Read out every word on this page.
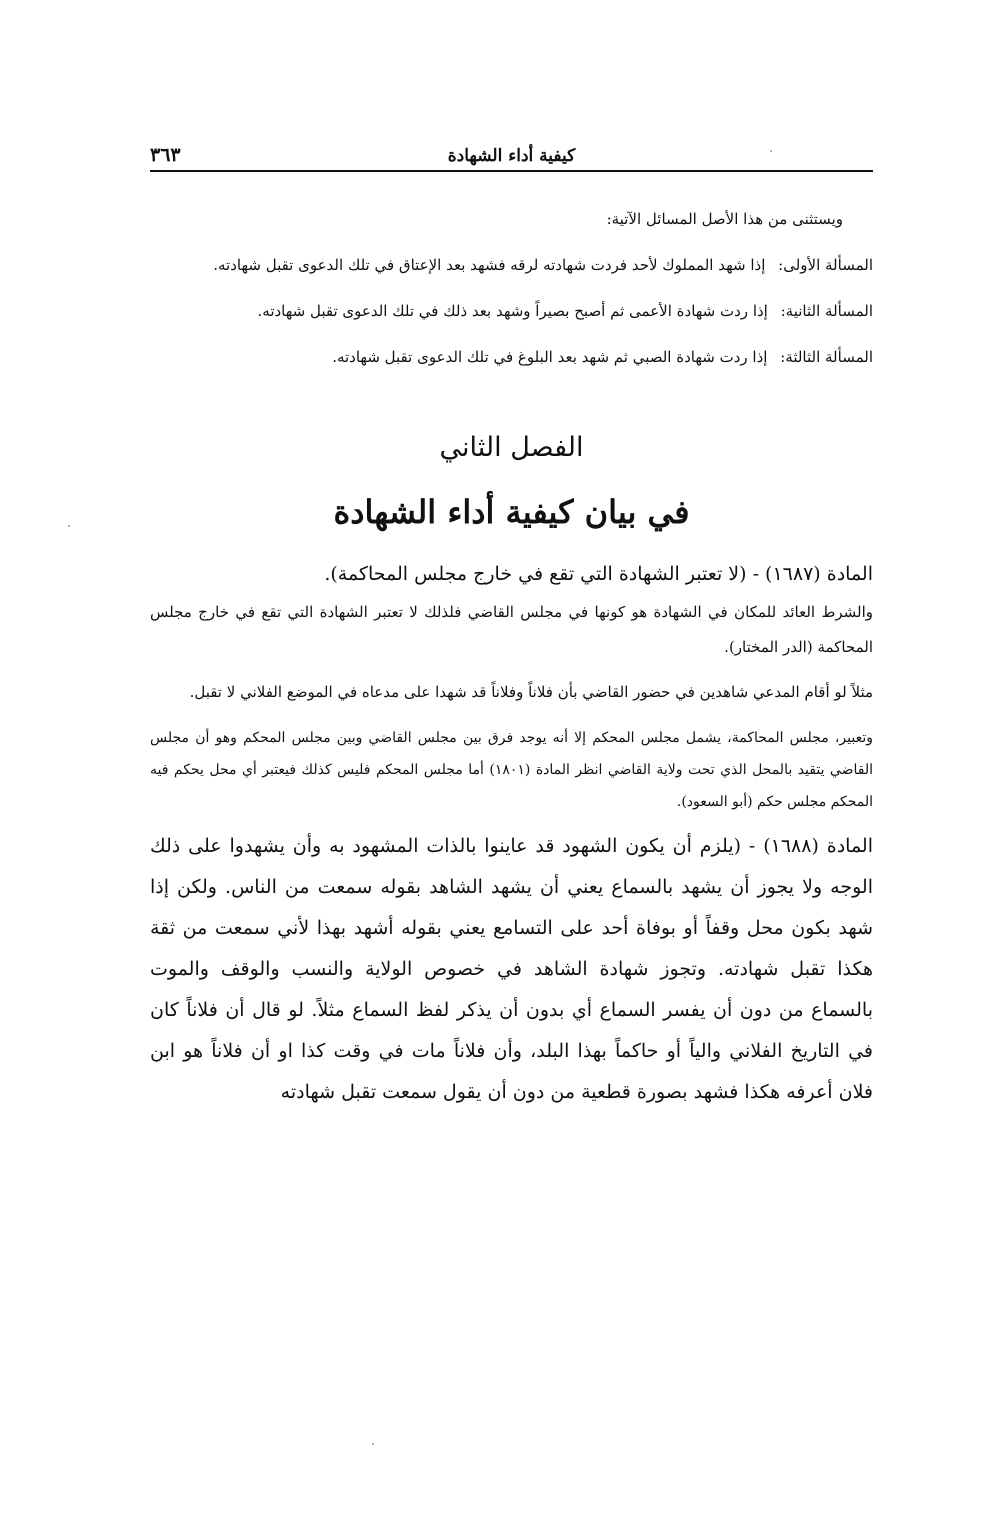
كيفية أداء الشهادة
٣٦٣

ويستثنى من هذا الأصل المسائل الآتية:

المسألة الأولى: إذا شهد المملوك لأحد فردت شهادته لرقه فشهد بعد الإعتاق في تلك الدعوى تقبل شهادته.

المسألة الثانية: إذا ردت شهادة الأعمى ثم أصبح بصيراً وشهد بعد ذلك في تلك الدعوى تقبل شهادته.

المسألة الثالثة: إذا ردت شهادة الصبي ثم شهد بعد البلوغ في تلك الدعوى تقبل شهادته.

الفصل الثاني
في بيان كيفية أداء الشهادة

المادة (١٦٨٧) - (لا تعتبر الشهادة التي تقع في خارج مجلس المحاكمة).

والشرط العائد للمكان في الشهادة هو كونها في مجلس القاضي فلذلك لا تعتبر الشهادة التي تقع في خارج مجلس المحاكمة (الدر المختار).

مثلاً لو أقام المدعي شاهدين في حضور القاضي بأن فلاناً وفلاناً قد شهدا على مدعاه في الموضع الفلاني لا تقبل.

وتعبير، مجلس المحاكمة، يشمل مجلس المحكم إلا أنه يوجد فرق بين مجلس القاضي وبين مجلس المحكم وهو أن مجلس القاضي يتقيد بالمحل الذي تحت ولاية القاضي انظر المادة (١٨٠١) أما مجلس المحكم فليس كذلك فيعتبر أي محل يحكم فيه المحكم مجلس حكم (أبو السعود).

المادة (١٦٨٨) - (يلزم أن يكون الشهود قد عاينوا بالذات المشهود به وأن يشهدوا على ذلك الوجه ولا يجوز أن يشهد بالسماع يعني أن يشهد الشاهد بقوله سمعت من الناس. ولكن إذا شهد بكون محل وقفاً أو بوفاة أحد على التسامع يعني بقوله أشهد بهذا لأني سمعت من ثقة هكذا تقبل شهادته. وتجوز شهادة الشاهد في خصوص الولاية والنسب والوقف والموت بالسماع من دون أن يفسر السماع أي بدون أن يذكر لفظ السماع مثلاً. لو قال أن فلاناً كان في التاريخ الفلاني والياً أو حاكماً بهذا البلد، وأن فلاناً مات في وقت كذا او أن فلاناً هو ابن فلان أعرفه هكذا فشهد بصورة قطعية من دون أن يقول سمعت تقبل شهادته
